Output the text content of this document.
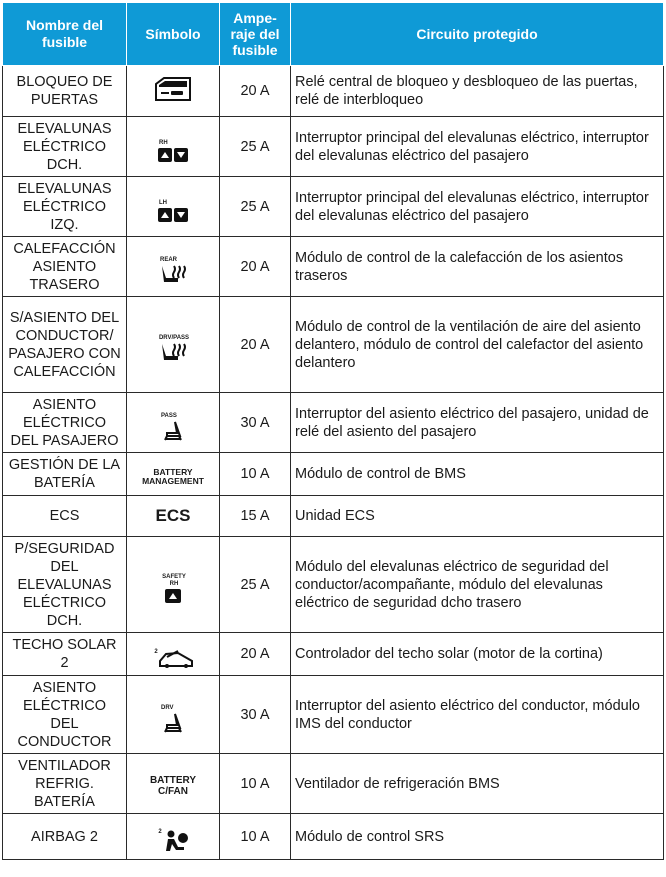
Nombre del fusible	Símbolo	Ampe- raje del fusible	Circuito protegido
BLOQUEO DE PUERTAS		20 A	Relé central de bloqueo y desbloqueo de las puertas, relé de interbloqueo
ELEVALUNAS ELÉCTRICO DCH.	RH	25 A	Interruptor principal del elevalunas eléctrico, interruptor del elevalunas eléctrico del pasajero
ELEVALUNAS ELÉCTRICO IZQ.	LH	25 A	Interruptor principal del elevalunas eléctrico, interruptor del elevalunas eléctrico del pasajero
CALEFACCIÓN ASIENTO TRASERO	REAR	20 A	Módulo de control de la calefacción de los asientos traseros
S/ASIENTO DEL CONDUCTOR/ PASAJERO CON CALEFACCIÓN	DRV/PASS	20 A	Módulo de control de la ventilación de aire del asiento delantero, módulo de control del calefactor del asiento delantero
ASIENTO ELÉCTRICO DEL PASAJERO	PASS	30 A	Interruptor del asiento eléctrico del pasajero, unidad de relé del asiento del pasajero
GESTIÓN DE LA BATERÍA	BATTERY MANAGEMENT	10 A	Módulo de control de BMS
ECS	ECS	15 A	Unidad ECS
P/SEGURIDAD DEL ELEVALUNAS ELÉCTRICO DCH.	SAFETY RH	25 A	Módulo del elevalunas eléctrico de seguridad del conductor/acompañante, módulo del elevalunas eléctrico de seguridad dcho trasero
TECHO SOLAR 2	2	20 A	Controlador del techo solar (motor de la cortina)
ASIENTO ELÉCTRICO DEL CONDUCTOR	DRV	30 A	Interruptor del asiento eléctrico del conductor, módulo IMS del conductor
VENTILADOR REFRIG. BATERÍA	BATTERY C/FAN	10 A	Ventilador de refrigeración BMS
AIRBAG 2	2	10 A	Módulo de control SRS
